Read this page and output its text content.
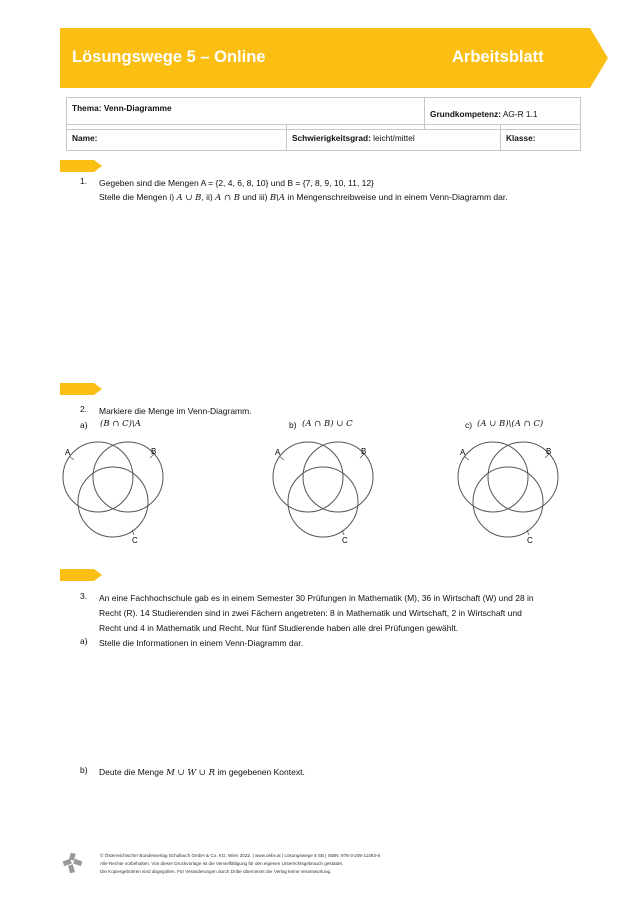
Lösungswege 5 – Online	Arbeitsblatt
Thema: Venn-Diagramme	Grundkompetenz: AG-R 1.1
Name:	Schwierigkeitsgrad: leicht/mittel	Klasse:
1. Gegeben sind die Mengen A = {2, 4, 6, 8, 10} und B = {7, 8, 9, 10, 11, 12}
Stelle die Mengen i) A ∪ B, ii) A ∩ B und iii) B\A in Mengenschreibweise und in einem Venn-Diagramm dar.
2. Markiere die Menge im Venn-Diagramm.
a) (B ∩ C)\A	b) (A ∩ B) ∪ C	c) (A ∪ B)\(A ∩ C)
A	B
C
A	B
C
A	B
C
3. An eine Fachhochschule gab es in einem Semester 30 Prüfungen in Mathematik (M), 36 in Wirtschaft (W) und 28 in
Recht (R). 14 Studierenden sind in zwei Fächern angetreten: 8 in Mathematik und Wirtschaft, 2 in Wirtschaft und
Recht und 4 in Mathematik und Recht. Nur fünf Studierende haben alle drei Prüfungen gewählt.
a) Stelle die Informationen in einem Venn-Diagramm dar.
b) Deute die Menge M ∪ W ∪ R im gegebenen Kontext.
© Österreichischer Bundesverlag Schulbuch GmbH & Co. KG, Wien 2022. | www.oebv.at | Lösungswege 5 SB | ISBN: 978-3-209-11493-8
Alle Rechte vorbehalten. Von dieser Druckvorlage ist die Vervielfältigung für den eigenen Unterrichtsgebrauch gestattet.
Die Kopiergebühren sind abgegolten. Für Veränderungen durch Dritte übernimmt der Verlag keine Verantwortung.
